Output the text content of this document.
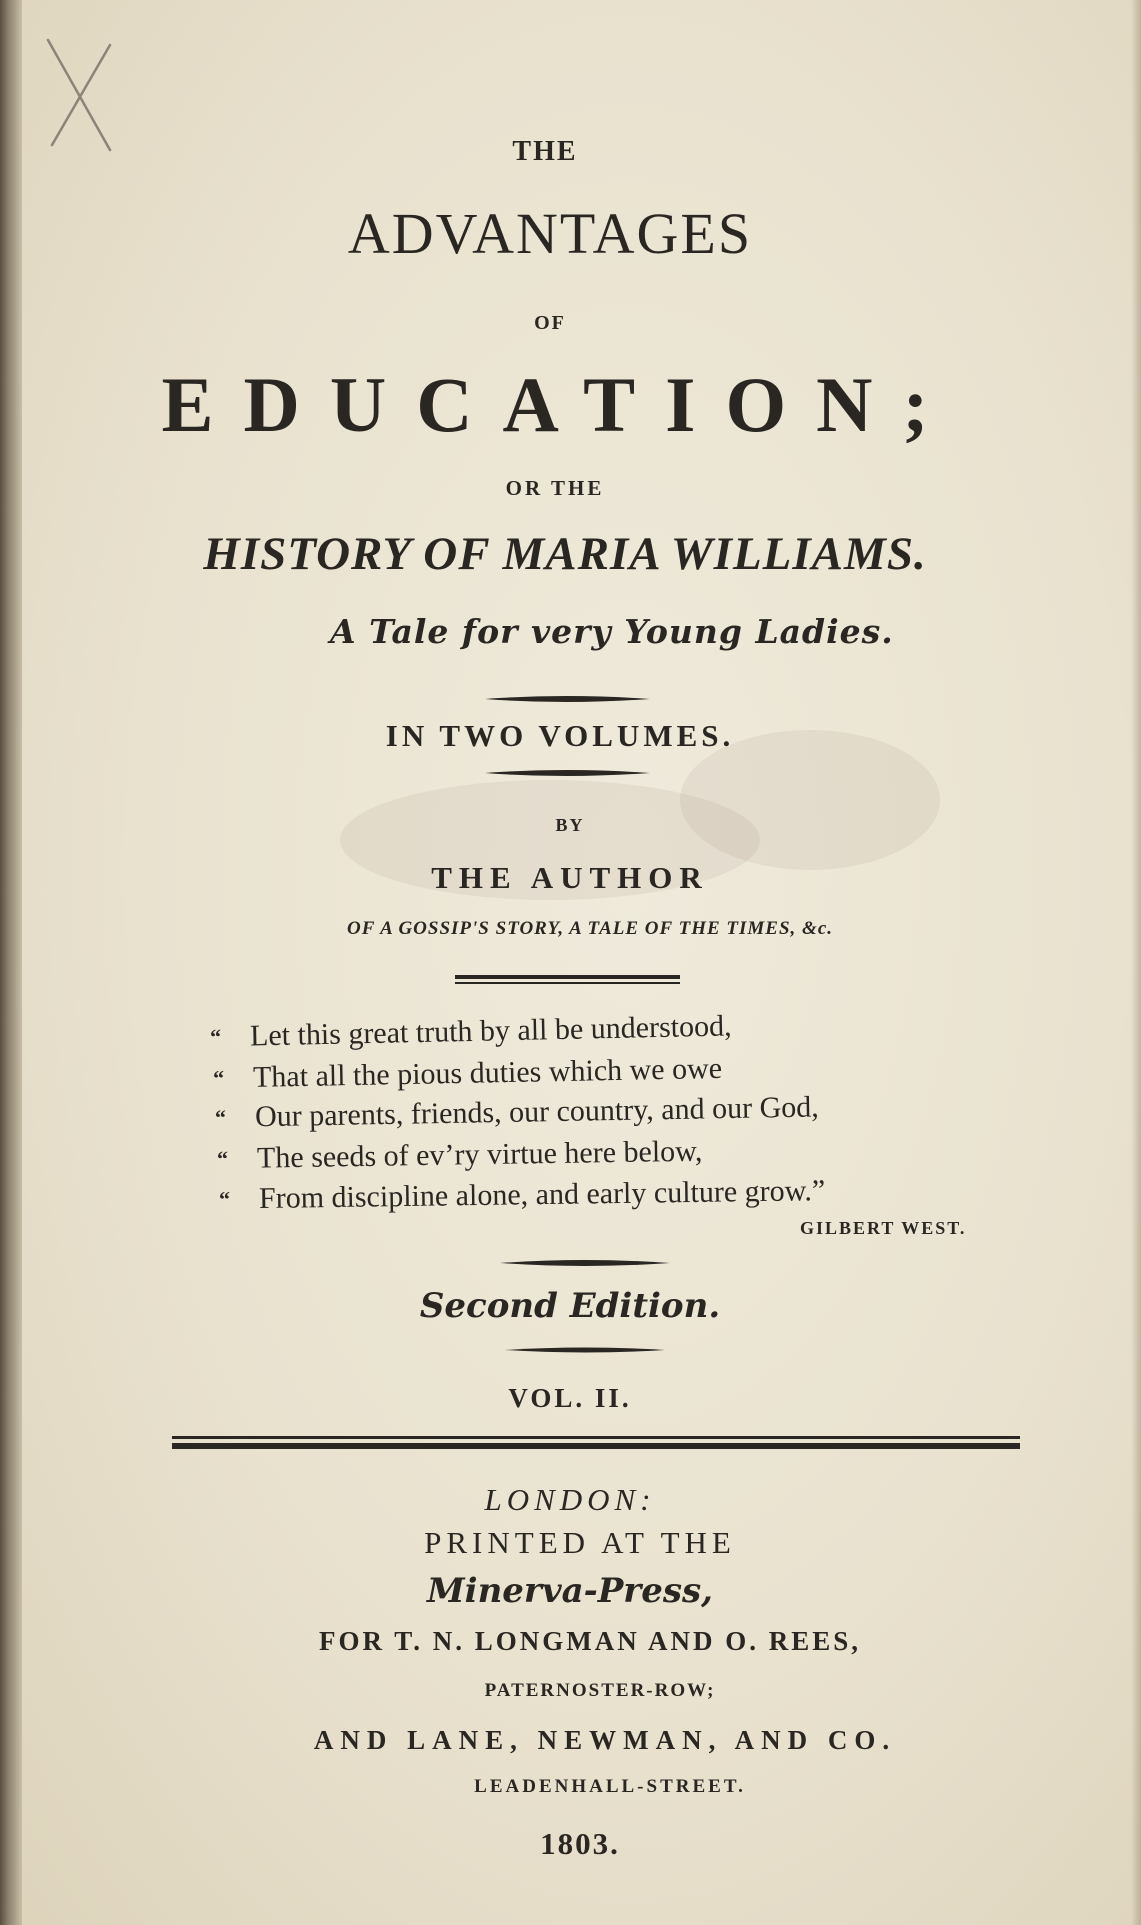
THE
ADVANTAGES
OF
EDUCATION;
OR THE
HISTORY OF MARIA WILLIAMS.
A Tale for very Young Ladies.
IN TWO VOLUMES.
BY
THE AUTHOR
OF A GOSSIP'S STORY, A TALE OF THE TIMES, &c.
“ Let this great truth by all be understood,
“ That all the pious duties which we owe
“ Our parents, friends, our country, and our God,
“ The seeds of ev’ry virtue here below,
“ From discipline alone, and early culture grow.”
GILBERT WEST.
Second Edition.
VOL. II.
LONDON:
PRINTED AT THE
Minerva-Press,
FOR T. N. LONGMAN AND O. REES,
PATERNOSTER-ROW;
AND LANE, NEWMAN, AND CO.
LEADENHALL-STREET.
1803.
